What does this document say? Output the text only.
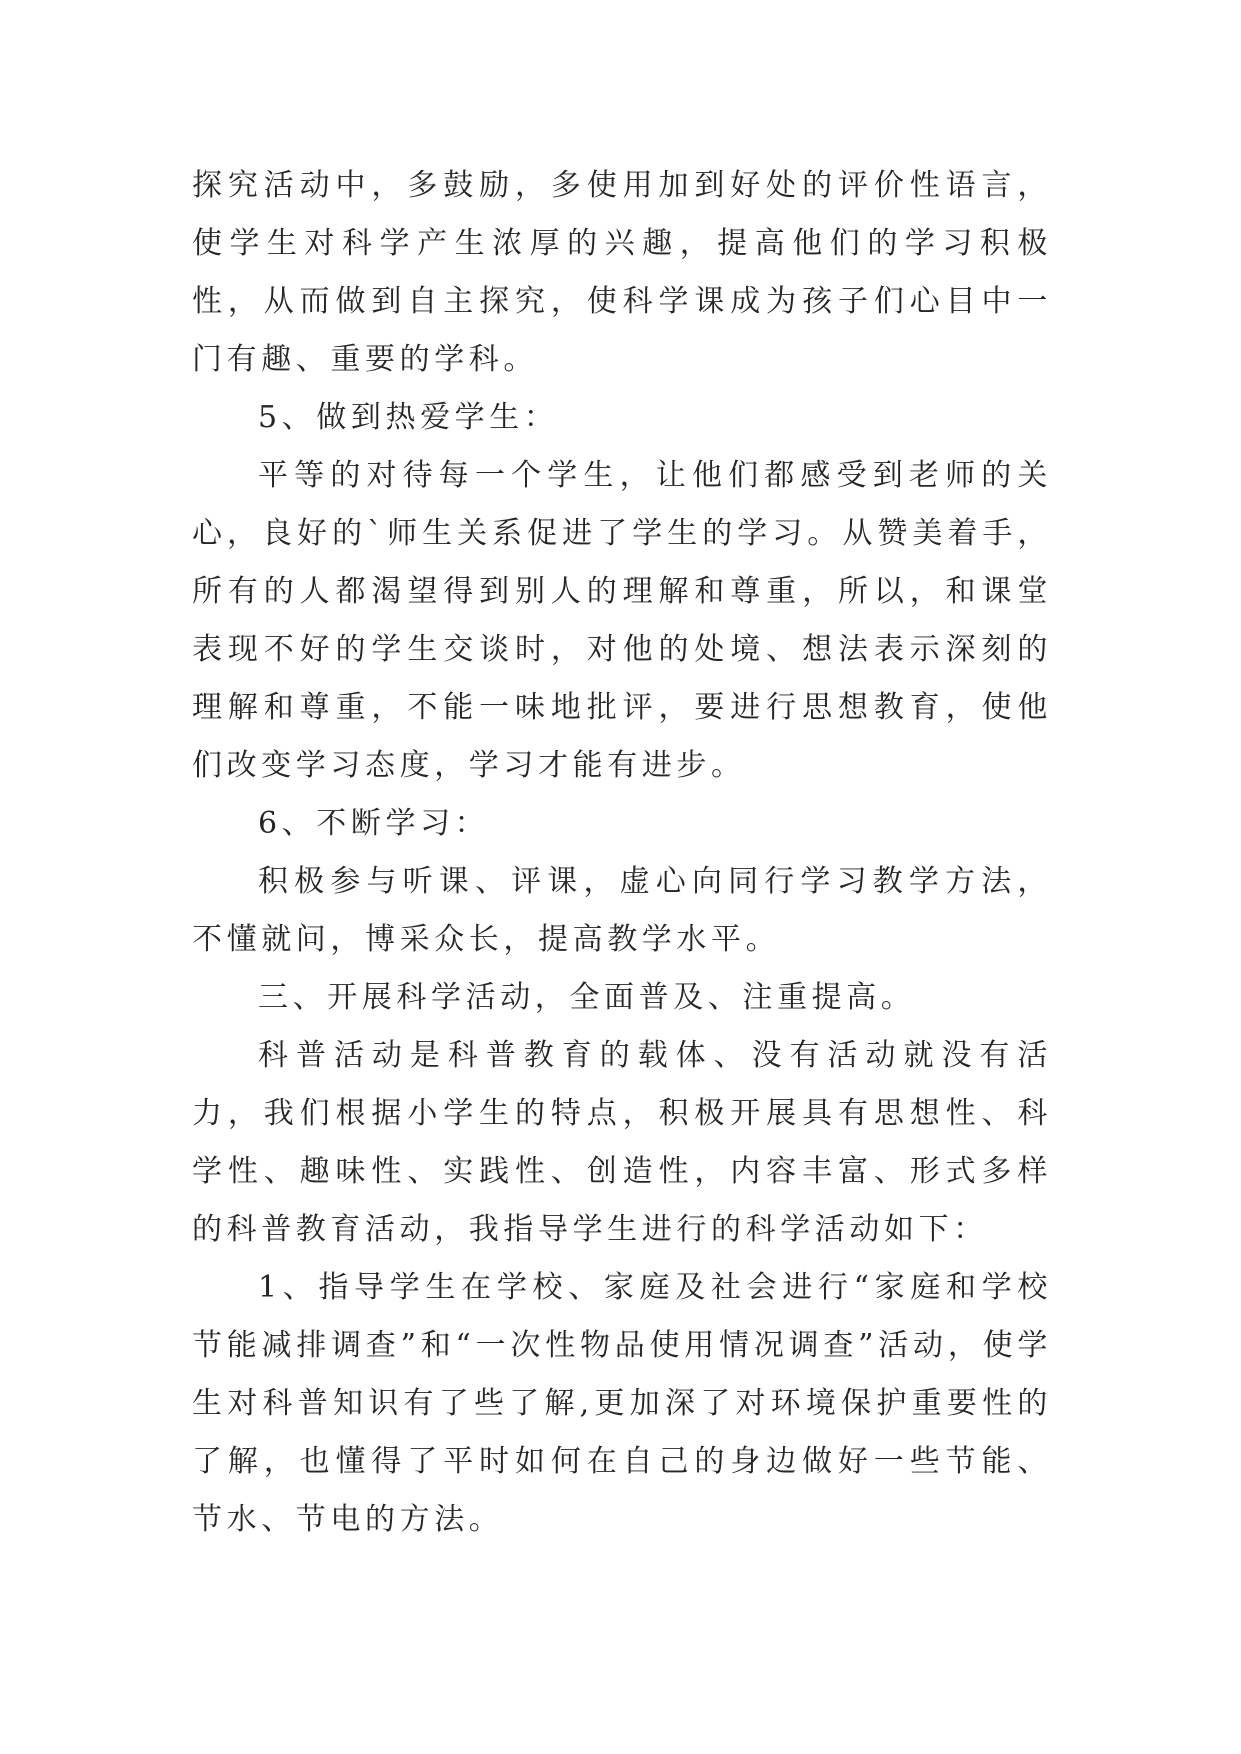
探究活动中，多鼓励，多使用加到好处的评价性语言，使学生对科学产生浓厚的兴趣，提高他们的学习积极性，从而做到自主探究，使科学课成为孩子们心目中一门有趣、重要的学科。

5、做到热爱学生：

平等的对待每一个学生，让他们都感受到老师的关心，良好的`师生关系促进了学生的学习。从赞美着手，所有的人都渴望得到别人的理解和尊重，所以，和课堂表现不好的学生交谈时，对他的处境、想法表示深刻的理解和尊重，不能一味地批评，要进行思想教育，使他们改变学习态度，学习才能有进步。

6、不断学习：

积极参与听课、评课，虚心向同行学习教学方法，不懂就问，博采众长，提高教学水平。

三、开展科学活动，全面普及、注重提高。

科普活动是科普教育的载体、没有活动就没有活力，我们根据小学生的特点，积极开展具有思想性、科学性、趣味性、实践性、创造性，内容丰富、形式多样的科普教育活动，我指导学生进行的科学活动如下：

1、指导学生在学校、家庭及社会进行“家庭和学校节能减排调查”和“一次性物品使用情况调查”活动，使学生对科普知识有了些了解,更加深了对环境保护重要性的了解，也懂得了平时如何在自己的身边做好一些节能、节水、节电的方法。
